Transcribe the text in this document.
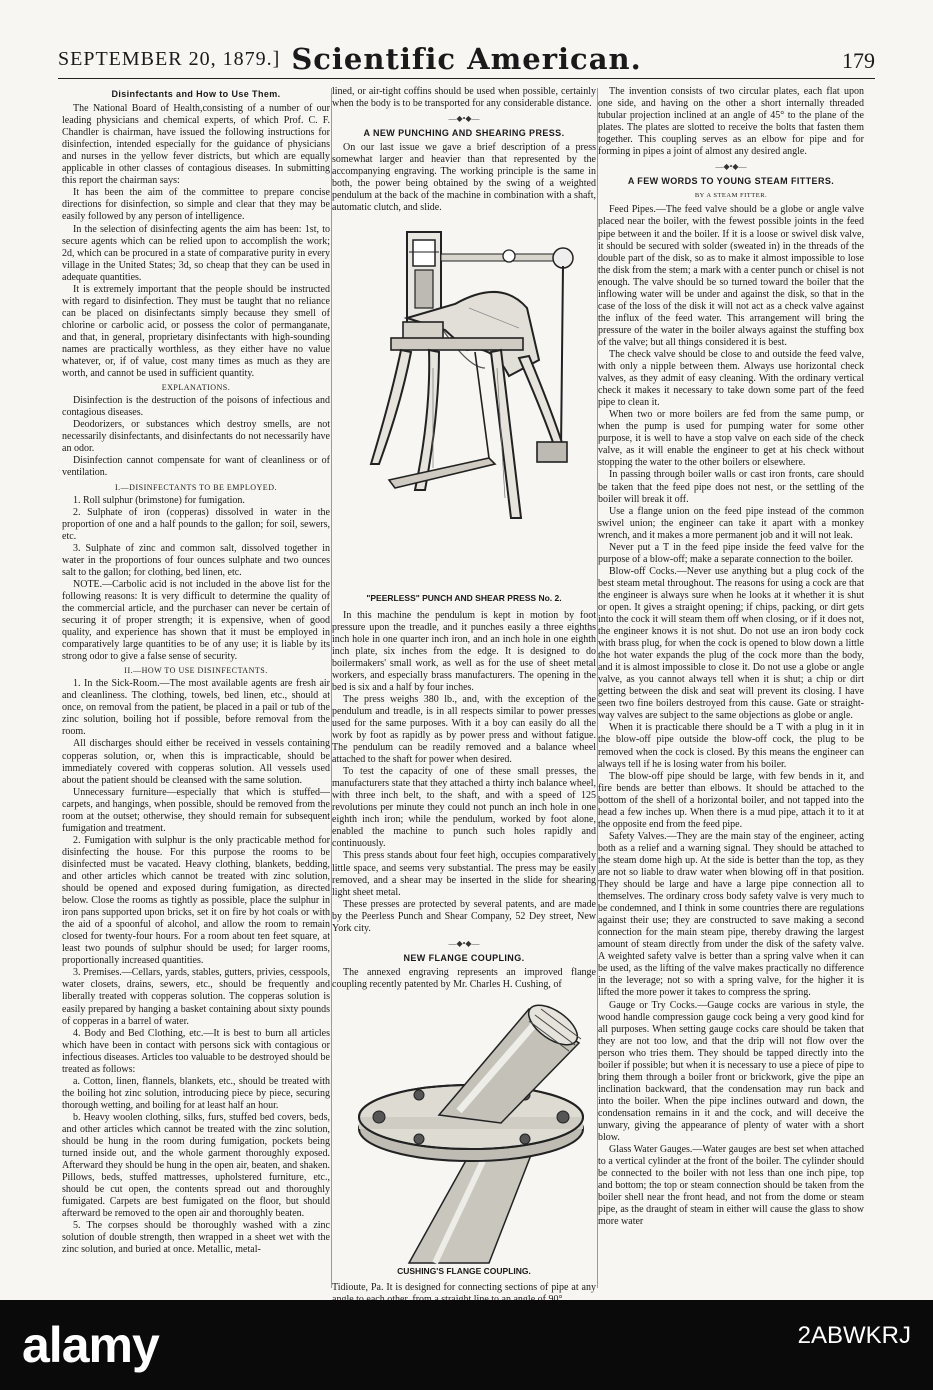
SEPTEMBER 20, 1879.] Scientific American.	179
Disinfectants and How to Use Them.

The National Board of Health,consisting of a number of our leading physicians and chemical experts, of which Prof. C. F. Chandler is chairman, have issued the following instructions for disinfection, intended especially for the guidance of physicians and nurses in the yellow fever districts, but which are equally applicable in other classes of contagious diseases. In submitting this report the chairman says:

It has been the aim of the committee to prepare concise directions for disinfection, so simple and clear that they may be easily followed by any person of intelligence.

In the selection of disinfecting agents the aim has been: 1st, to secure agents which can be relied upon to accomplish the work; 2d, which can be procured in a state of comparative purity in every village in the United States; 3d, so cheap that they can be used in adequate quantities.

It is extremely important that the people should be instructed with regard to disinfection. They must be taught that no reliance can be placed on disinfectants simply because they smell of chlorine or carbolic acid, or possess the color of permanganate, and that, in general, proprietary disinfectants with high-sounding names are practically worthless, as they either have no value whatever, or, if of value, cost many times as much as they are worth, and cannot be used in sufficient quantity.

EXPLANATIONS.

Disinfection is the destruction of the poisons of infectious and contagious diseases.

Deodorizers, or substances which destroy smells, are not necessarily disinfectants, and disinfectants do not necessarily have an odor.

Disinfection cannot compensate for want of cleanliness or of ventilation.

I.—DISINFECTANTS TO BE EMPLOYED.

1. Roll sulphur (brimstone) for fumigation.

2. Sulphate of iron (copperas) dissolved in water in the proportion of one and a half pounds to the gallon; for soil, sewers, etc.

3. Sulphate of zinc and common salt, dissolved together in water in the proportions of four ounces sulphate and two ounces salt to the gallon; for clothing, bed linen, etc.

NOTE.—Carbolic acid is not included in the above list for the following reasons: It is very difficult to determine the quality of the commercial article, and the purchaser can never be certain of securing it of proper strength; it is expensive, when of good quality, and experience has shown that it must be employed in comparatively large quantities to be of any use; it is liable by its strong odor to give a false sense of security.

II.—HOW TO USE DISINFECTANTS.

1. In the Sick-Room.—The most available agents are fresh air and cleanliness. The clothing, towels, bed linen, etc., should at once, on removal from the patient, be placed in a pail or tub of the zinc solution, boiling hot if possible, before removal from the room.

All discharges should either be received in vessels containing copperas solution, or, when this is impracticable, should be immediately covered with copperas solution. All vessels used about the patient should be cleansed with the same solution.

Unnecessary furniture—especially that which is stuffed—carpets, and hangings, when possible, should be removed from the room at the outset; otherwise, they should remain for subsequent fumigation and treatment.

2. Fumigation with sulphur is the only practicable method for disinfecting the house. For this purpose the rooms to be disinfected must be vacated. Heavy clothing, blankets, bedding, and other articles which cannot be treated with zinc solution, should be opened and exposed during fumigation, as directed below. Close the rooms as tightly as possible, place the sulphur in iron pans supported upon bricks, set it on fire by hot coals or with the aid of a spoonful of alcohol, and allow the room to remain closed for twenty-four hours. For a room about ten feet square, at least two pounds of sulphur should be used; for larger rooms, proportionally increased quantities.

3. Premises.—Cellars, yards, stables, gutters, privies, cesspools, water closets, drains, sewers, etc., should be frequently and liberally treated with copperas solution. The copperas solution is easily prepared by hanging a basket containing about sixty pounds of copperas in a barrel of water.

4. Body and Bed Clothing, etc.—It is best to burn all articles which have been in contact with persons sick with contagious or infectious diseases. Articles too valuable to be destroyed should be treated as follows:

a. Cotton, linen, flannels, blankets, etc., should be treated with the boiling hot zinc solution, introducing piece by piece, securing thorough wetting, and boiling for at least half an hour.

b. Heavy woolen clothing, silks, furs, stuffed bed covers, beds, and other articles which cannot be treated with the zinc solution, should be hung in the room during fumigation, pockets being turned inside out, and the whole garment thoroughly exposed. Afterward they should be hung in the open air, beaten, and shaken. Pillows, beds, stuffed mattresses, upholstered furniture, etc., should be cut open, the contents spread out and thoroughly fumigated. Carpets are best fumigated on the floor, but should afterward be removed to the open air and thoroughly beaten.

5. The corpses should be thoroughly washed with a zinc solution of double strength, then wrapped in a sheet wet with the zinc solution, and buried at once. Metallic, metal-

lined, or air-tight coffins should be used when possible, certainly when the body is to be transported for any considerable distance.

—◆•◆—
A NEW PUNCHING AND SHEARING PRESS.

On our last issue we gave a brief description of a press somewhat larger and heavier than that represented by the accompanying engraving. The working principle is the same in both, the power being obtained by the swing of a weighted pendulum at the back of the machine in combination with a shaft, automatic clutch, and slide.

"PEERLESS" PUNCH AND SHEAR PRESS No. 2.

In this machine the pendulum is kept in motion by foot pressure upon the treadle, and it punches easily a three eighths inch hole in one quarter inch iron, and an inch hole in one eighth inch plate, six inches from the edge. It is designed to do boilermakers' small work, as well as for the use of sheet metal workers, and especially brass manufacturers. The opening in the bed is six and a half by four inches.

The press weighs 380 lb., and, with the exception of the pendulum and treadle, is in all respects similar to power presses used for the same purposes. With it a boy can easily do all the work by foot as rapidly as by power press and without fatigue. The pendulum can be readily removed and a balance wheel attached to the shaft for power when desired.

To test the capacity of one of these small presses, the manufacturers state that they attached a thirty inch balance wheel, with three inch belt, to the shaft, and with a speed of 125 revolutions per minute they could not punch an inch hole in one eighth inch iron; while the pendulum, worked by foot alone, enabled the machine to punch such holes rapidly and continuously.

This press stands about four feet high, occupies comparatively little space, and seems very substantial. The press may be easily removed, and a shear may be inserted in the slide for shearing light sheet metal.

These presses are protected by several patents, and are made by the Peerless Punch and Shear Company, 52 Dey street, New York city.

—◆•◆—
NEW FLANGE COUPLING.

The annexed engraving represents an improved flange coupling recently patented by Mr. Charles H. Cushing, of

CUSHING'S FLANGE COUPLING.

Tidioute, Pa. It is designed for connecting sections of pipe at any

The invention consists of two circular plates, each flat upon one side, and having on the other a short internally threaded tubular projection inclined at an angle of 45° to the plane of the plates. The plates are slotted to receive the bolts that fasten them together. This coupling serves as an elbow for pipe and for forming in pipes a joint of almost any desired angle.

—◆•◆—
A FEW WORDS TO YOUNG STEAM FITTERS.
BY A STEAM FITTER.

Feed Pipes.—The feed valve should be a globe or angle valve placed near the boiler, with the fewest possible joints in the feed pipe between it and the boiler. If it is a loose or swivel disk valve, it should be secured with solder (sweated in) in the threads of the double part of the disk, so as to make it almost impossible to lose the disk from the stem; a mark with a center punch or chisel is not enough. The valve should be so turned toward the boiler that the inflowing water will be under and against the disk, so that in the case of the loss of the disk it will not act as a check valve against the influx of the feed water. This arrangement will bring the pressure of the water in the boiler always against the stuffing box of the valve; but all things considered it is best.

The check valve should be close to and outside the feed valve, with only a nipple between them. Always use horizontal check valves, as they admit of easy cleaning. With the ordinary vertical check it makes it necessary to take down some part of the feed pipe to clean it.

When two or more boilers are fed from the same pump, or when the pump is used for pumping water for some other purpose, it is well to have a stop valve on each side of the check valve, as it will enable the engineer to get at his check without stopping the water to the other boilers or elsewhere.

In passing through boiler walls or cast iron fronts, care should be taken that the feed pipe does not nest, or the settling of the boiler will break it off.

Use a flange union on the feed pipe instead of the common swivel union; the engineer can take it apart with a monkey wrench, and it makes a more permanent job and it will not leak.

Never put a T in the feed pipe inside the feed valve for the purpose of a blow-off; make a separate connection to the boiler.

Blow-off Cocks.—Never use anything but a plug cock of the best steam metal throughout. The reasons for using a cock are that the engineer is always sure when he looks at it whether it is shut or open. It gives a straight opening; if chips, packing, or dirt gets into the cock it will steam them off when closing, or if it does not, the engineer knows it is not shut. Do not use an iron body cock with brass plug, for when the cock is opened to blow down a little the hot water expands the plug of the cock more than the body, and it is almost impossible to close it. Do not use a globe or angle valve, as you cannot always tell when it is shut; a chip or dirt getting between the disk and seat will prevent its closing. I have seen two fine boilers destroyed from this cause. Gate or straight-way valves are subject to the same objections as globe or angle.

When it is practicable there should be a T with a plug in it in the blow-off pipe outside the blow-off cock, the plug to be removed when the cock is closed. By this means the engineer can always tell if he is losing water from his boiler.

The blow-off pipe should be large, with few bends in it, and fire bends are better than elbows. It should be attached to the bottom of the shell of a horizontal boiler, and not tapped into the head a few inches up. When there is a mud pipe, attach it to it at the opposite end from the feed pipe.

Safety Valves.—They are the main stay of the engineer, acting both as a relief and a warning signal. They should be attached to the steam dome high up. At the side is better than the top, as they are not so liable to draw water when blowing off in that position. They should be large and have a large pipe connection all to themselves. The ordinary cross body safety valve is very much to be condemned, and I think in some countries there are regulations against their use; they are constructed to save making a second connection for the main steam pipe, thereby drawing the largest amount of steam directly from under the disk of the safety valve. A weighted safety valve is better than a spring valve when it can be used, as the lifting of the valve makes practically no difference in the leverage; not so with a spring valve, for the higher it is lifted the more power it takes to compress the spring.

Gauge or Try Cocks.—Gauge cocks are various in style, the wood handle compression gauge cock being a very good kind for all purposes. When setting gauge cocks care should be taken that they are not too low, and that the drip will not flow over the person who tries them. They should be tapped directly into the boiler if possible; but when it is necessary to use a piece of pipe to bring them through a boiler front or brickwork, give the pipe an inclination backward, that the condensation may run back and into the boiler. When the pipe inclines outward and down, the condensation remains in it and the cock, and will deceive the unwary, giving the appearance of plenty of water with a short blow.

Glass Water Gauges.—Water gauges are best set when attached to a vertical cylinder at the front of the boiler. The cylinder should be connected to the boiler with not less than one inch pipe, top and bottom; the top or steam connection should be taken from the boiler shell near the front head, and not from the dome or steam pipe, as the draught of steam in either will cause the glass to show more water

alamy	2ABWKRJ
